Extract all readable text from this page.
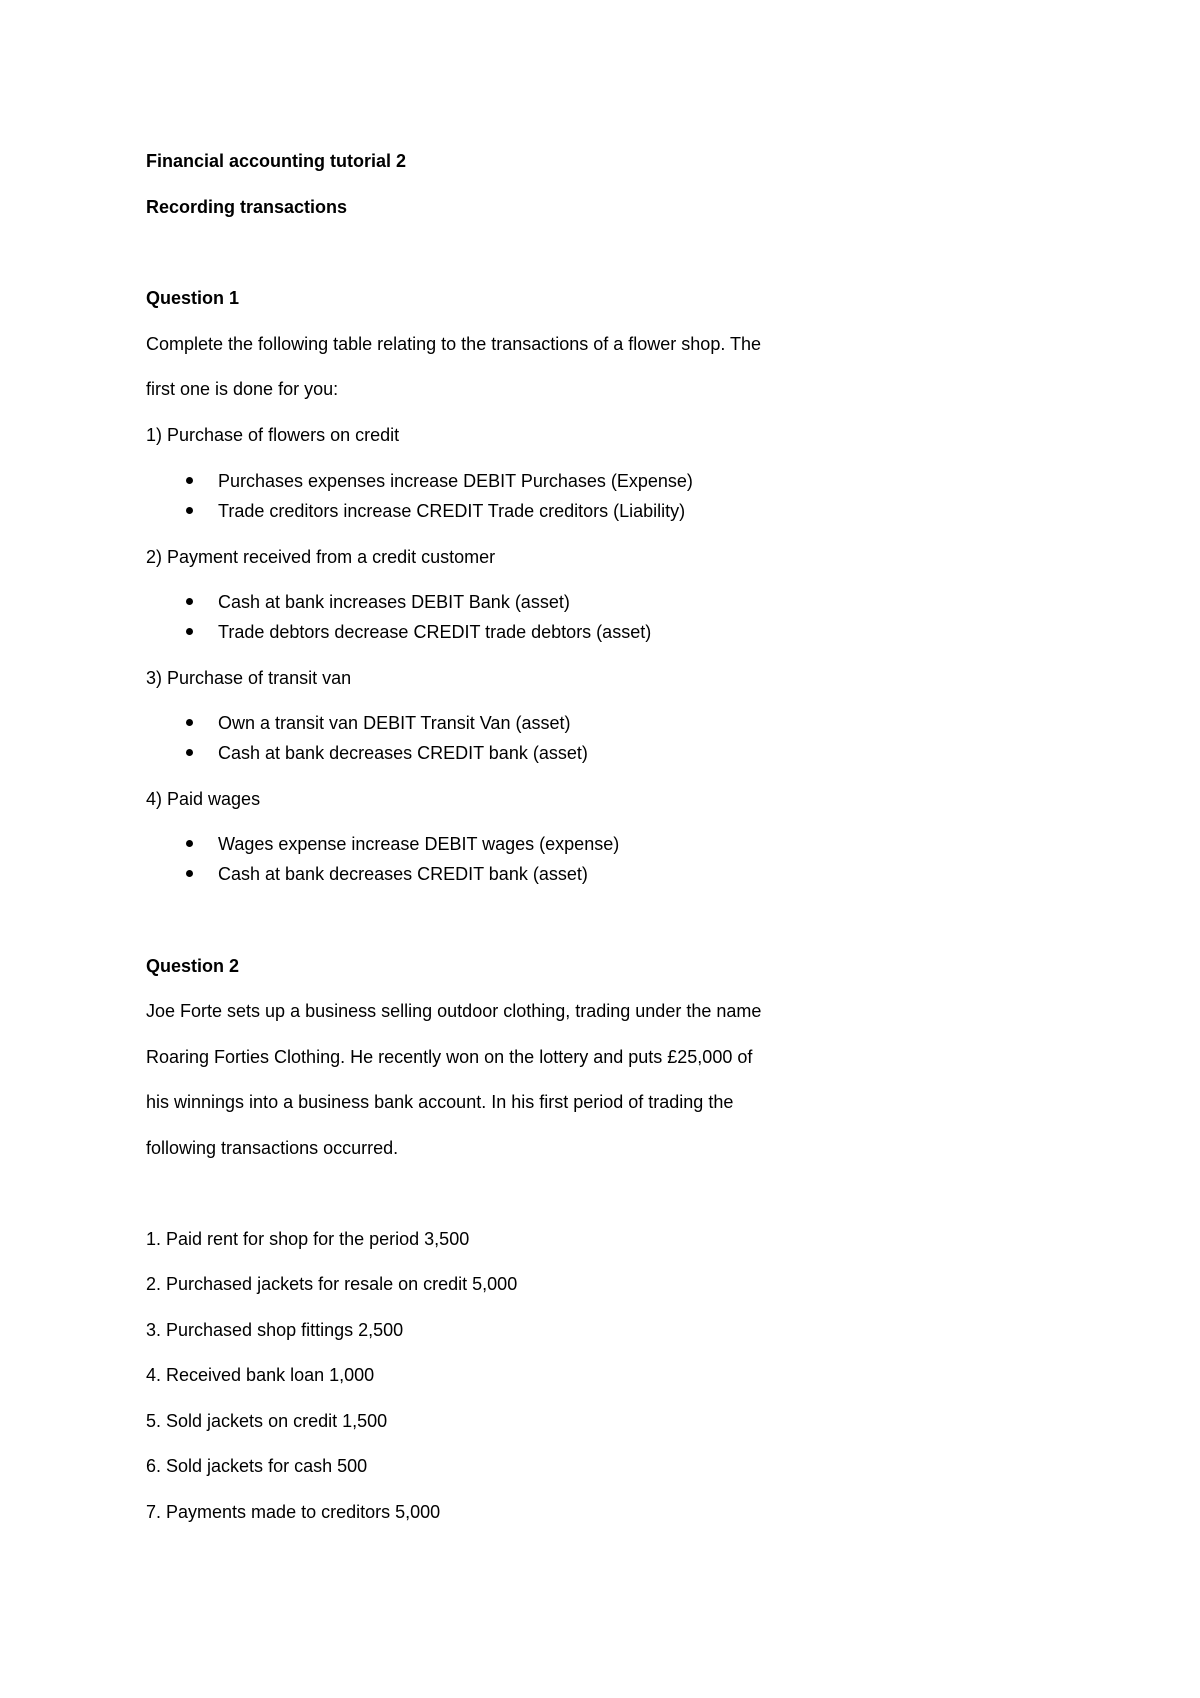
Financial accounting tutorial 2

Recording transactions

Question 1

Complete the following table relating to the transactions of a flower shop. The

first one is done for you:

1) Purchase of flowers on credit

Purchases expenses increase DEBIT Purchases (Expense)

Trade creditors increase CREDIT Trade creditors (Liability)

2) Payment received from a credit customer

Cash at bank increases DEBIT Bank (asset)

Trade debtors decrease CREDIT trade debtors (asset)

3) Purchase of transit van

Own a transit van DEBIT Transit Van (asset)

Cash at bank decreases CREDIT bank (asset)

4) Paid wages

Wages expense increase DEBIT wages (expense)

Cash at bank decreases CREDIT bank (asset)

Question 2

Joe Forte sets up a business selling outdoor clothing, trading under the name

Roaring Forties Clothing. He recently won on the lottery and puts £25,000 of

his winnings into a business bank account. In his first period of trading the

following transactions occurred.

1. Paid rent for shop for the period 3,500

2. Purchased jackets for resale on credit 5,000

3. Purchased shop fittings 2,500

4. Received bank loan 1,000

5. Sold jackets on credit 1,500

6. Sold jackets for cash 500

7. Payments made to creditors 5,000
